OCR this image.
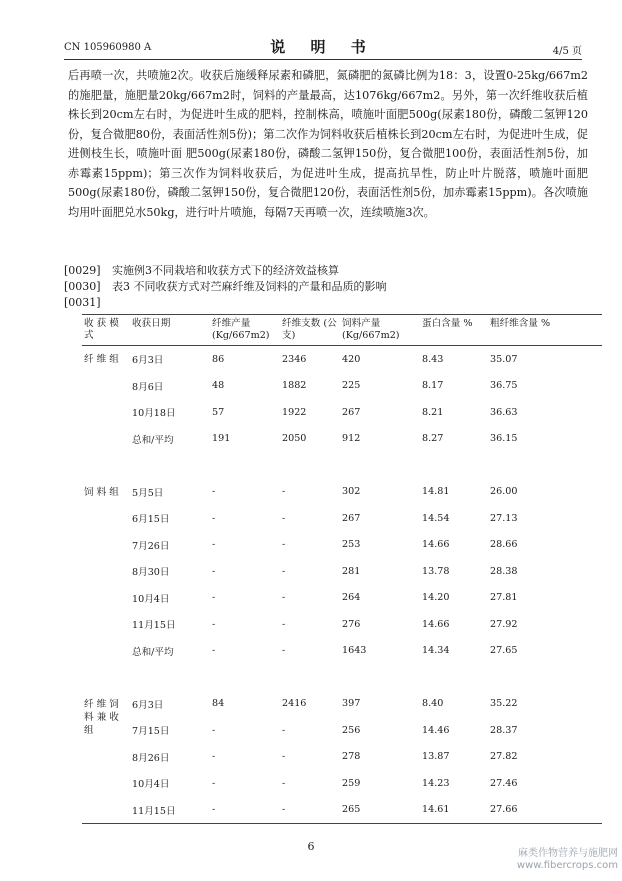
CN 105960980 A	说 明 书	4/5 页

后再喷一次，共喷施2次。收获后施缓释尿素和磷肥，氮磷肥的氮磷比例为18：3，设置0-25kg/667m2的施肥量，施肥量20kg/667m2时，饲料的产量最高，达1076kg/667m2。另外，第一次纤维收获后植株长到20cm左右时，为促进叶生成的肥料，控制株高，喷施叶面肥500g(尿素180份，磷酸二氢钾120份，复合微肥80份，表面活性剂5份)；第二次作为饲料收获后植株长到20cm左右时，为促进叶生成，促进侧枝生长，喷施叶面 肥500g(尿素180份，磷酸二氢钾150份，复合微肥100份，表面活性剂5份，加赤霉素15ppm)；第三次作为饲料收获后，为促进叶生成，提高抗旱性，防止叶片脱落，喷施叶面肥500g(尿素180份，磷酸二氢钾150份，复合微肥120份，表面活性剂5份，加赤霉素15ppm)。各次喷施均用叶面肥兑水50kg，进行叶片喷施，每隔7天再喷一次，连续喷施3次。

[0029] 实施例3不同栽培和收获方式下的经济效益核算
[0030] 表3 不同收获方式对苎麻纤维及饲料的产量和品质的影响
[0031]
收 获 模式	收获日期	纤维产量 (Kg/667m2)	纤维支数 (公支)	饲料产量 (Kg/667m2)	蛋白含量 %	粗纤维含量 %
纤 维 组	6月3日	86	2346	420	8.43	35.07
	8月6日	48	1882	225	8.17	36.75
	10月18日	57	1922	267	8.21	36.63
	总和/平均	191	2050	912	8.27	36.15

饲 料 组	5月5日	-	-	302	14.81	26.00
	6月15日	-	-	267	14.54	27.13
	7月26日	-	-	253	14.66	28.66
	8月30日	-	-	281	13.78	28.38
	10月4日	-	-	264	14.20	27.81
	11月15日	-	-	276	14.66	27.92
	总和/平均	-	-	1643	14.34	27.65

纤 维 饲 料 兼 收 组	6月3日	84	2416	397	8.40	35.22
	7月15日	-	-	256	14.46	28.37
	8月26日	-	-	278	13.87	27.82
	10月4日	-	-	259	14.23	27.46
	11月15日	-	-	265	14.61	27.66
6
麻类作物营养与施肥网
www.fibercrops.com
